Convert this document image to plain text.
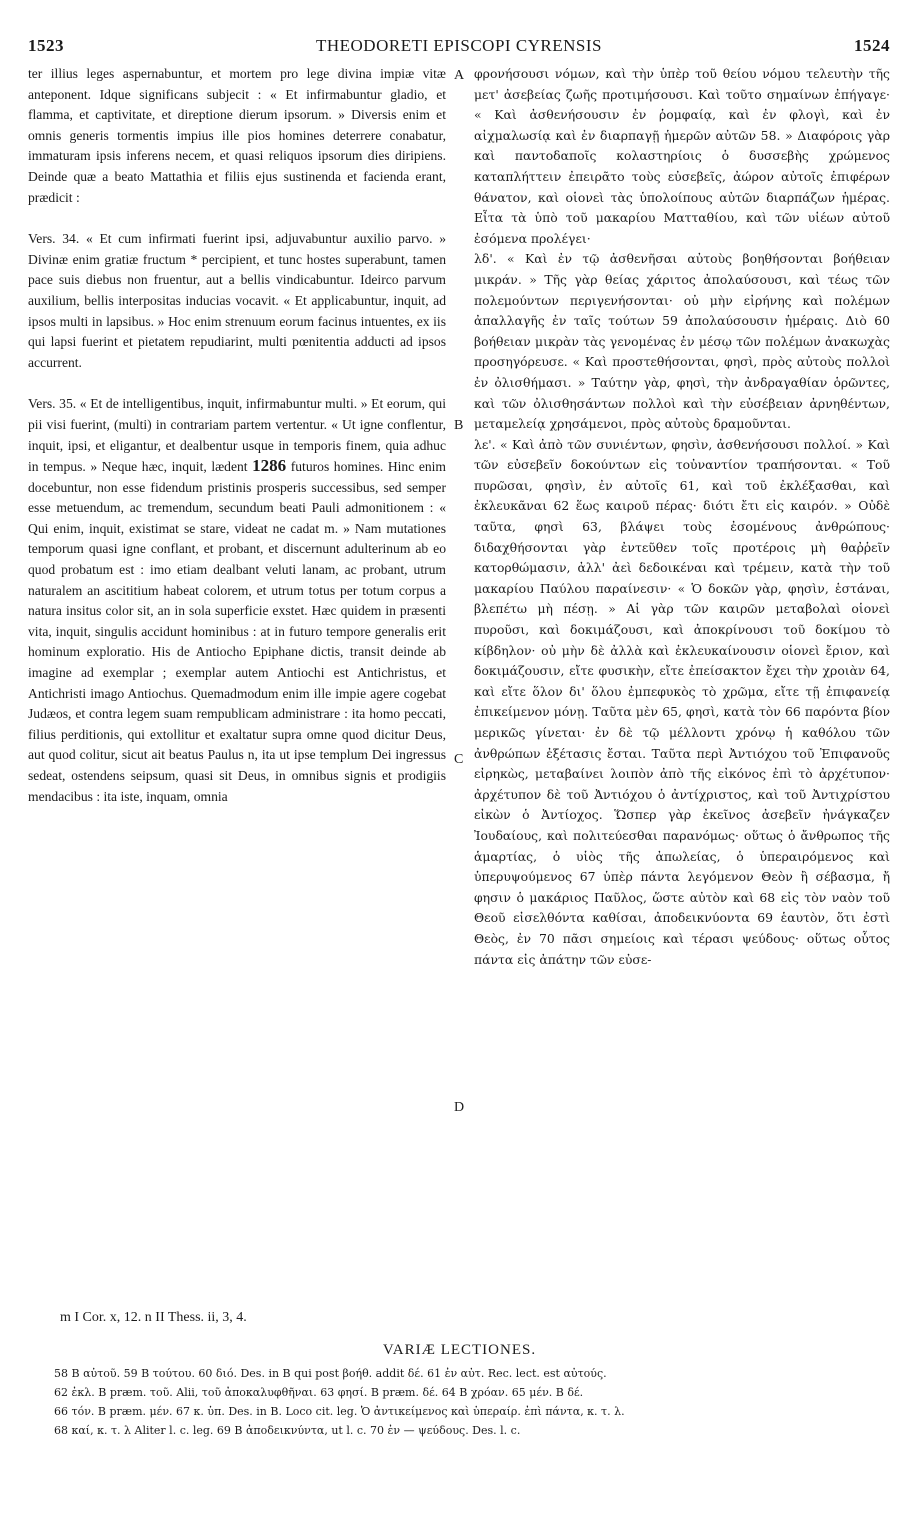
1523	THEODORETI EPISCOPI CYRENSIS	1524

ter illius leges aspernabuntur, et mortem pro lege divina impiæ vitæ anteponent. Idque significans subjecit : « Et infirmabuntur gladio, et flamma, et captivitate, et direptione dierum ipsorum. » Diversis enim et omnis generis tormentis impius ille pios homines deterrere conabatur, immaturam ipsis inferens necem, et quasi reliquos ipsorum dies diripiens. Deinde quæ a beato Mattathia et filiis ejus sustinenda et facienda erant, prædicit :

Vers. 34. « Et cum infirmati fuerint ipsi, adjuvabuntur auxilio parvo. » Divinæ enim gratiæ fructum * percipient, et tunc hostes superabunt, tamen pace suis diebus non fruentur, aut a bellis vindicabuntur. Ideirco parvum auxilium, bellis interpositas inducias vocavit. « Et applicabuntur, inquit, ad ipsos multi in lapsibus. » Hoc enim strenuum eorum facinus intuentes, ex iis qui lapsi fuerint et pietatem repudiarint, multi pœnitentia adducti ad ipsos accurrent.

Vers. 35. « Et de intelligentibus, inquit, infirmabuntur multi. » Et eorum, qui pii visi fuerint, (multi) in contrariam partem vertentur. « Ut igne conflentur, inquit, ipsi, et eligantur, et dealbentur usque in temporis finem, quia adhuc in tempus. » Neque hæc, inquit, lædent 1286 futuros homines. Hinc enim docebuntur, non esse fidendum pristinis prosperis successibus, sed semper esse metuendum, ac tremendum, secundum beati Pauli admonitionem : « Qui enim, inquit, existimat se stare, videat ne cadat m. » Nam mutationes temporum quasi igne conflant, et probant, et discernunt adulterinum ab eo quod probatum est : imo etiam dealbant veluti lanam, ac probant, utrum naturalem an ascititium habeat colorem, et utrum totus per totum corpus a natura insitus color sit, an in sola superficie exstet. Hæc quidem in præsenti vita, inquit, singulis accidunt hominibus : at in futuro tempore generalis erit hominum exploratio. His de Antiocho Epiphane dictis, transit deinde ab imagine ad exemplar ; exemplar autem Antiochi est Antichristus, et Antichristi imago Antiochus. Quemadmodum enim ille impie agere cogebat Judæos, et contra legem suam rempublicam administrare : ita homo peccati, filius perditionis, qui extollitur et exaltatur supra omne quod dicitur Deus, aut quod colitur, sicut ait beatus Paulus n, ita ut ipse templum Dei ingressus sedeat, ostendens seipsum, quasi sit Deus, in omnibus signis et prodigiis mendacibus : ita iste, inquam, omnia

A
B
C
D

φρονήσουσι νόμων, καὶ τὴν ὑπὲρ τοῦ θείου νόμου τελευτὴν τῆς μετ' ἀσεβείας ζωῆς προτιμήσουσι. Καὶ τοῦτο σημαίνων ἐπήγαγε· « Καὶ ἀσθενήσουσιν ἐν ῥομφαίᾳ, καὶ ἐν φλογὶ, καὶ ἐν αἰχμαλωσίᾳ καὶ ἐν διαρπαγῇ ἡμερῶν αὐτῶν 58. » Διαφόροις γὰρ καὶ παντοδαποῖς κολαστηρίοις ὁ δυσσεβὴς χρώμενος καταπλήττειν ἐπειρᾶτο τοὺς εὐσεβεῖς, ἀώρον αὐτοῖς ἐπιφέρων θάνατον, καὶ οἱονεὶ τὰς ὑπολοίπους αὐτῶν διαρπάζων ἡμέρας. Εἶτα τὰ ὑπὸ τοῦ μακαρίου Ματταθίου, καὶ τῶν υἱέων αὐτοῦ ἐσόμενα προλέγει·

λδ'. « Καὶ ἐν τῷ ἀσθενῆσαι αὐτοὺς βοηθήσονται βοήθειαν μικράν. » Τῆς γὰρ θείας χάριτος ἀπολαύσουσι, καὶ τέως τῶν πολεμούντων περιγενήσονται· οὐ μὴν εἰρήνης καὶ πολέμων ἀπαλλαγῆς ἐν ταῖς τούτων 59 ἀπολαύσουσιν ἡμέραις. Διὸ 60 βοήθειαν μικρὰν τὰς γενομένας ἐν μέσῳ τῶν πολέμων ἀνακωχὰς προσηγόρευσε. « Καὶ προστεθήσονται, φησὶ, πρὸς αὐτοὺς πολλοὶ ἐν ὀλισθήμασι. » Ταύτην γὰρ, φησὶ, τὴν ἀνδραγαθίαν ὁρῶντες, καὶ τῶν ὀλισθησάντων πολλοὶ καὶ τὴν εὐσέβειαν ἀρνηθέντων, μεταμελείᾳ χρησάμενοι, πρὸς αὐτοὺς δραμοῦνται.

λε'. « Καὶ ἀπὸ τῶν συνιέντων, φησὶν, ἀσθενήσουσι πολλοί. » Καὶ τῶν εὐσεβεῖν δοκούντων εἰς τοὐναντίον τραπήσονται. « Τοῦ πυρῶσαι, φησὶν, ἐν αὐτοῖς 61, καὶ τοῦ ἐκλέξασθαι, καὶ ἐκλευκᾶναι 62 ἕως καιροῦ πέρας· διότι ἔτι εἰς καιρόν. » Οὐδὲ ταῦτα, φησὶ 63, βλάψει τοὺς ἐσομένους ἀνθρώπους· διδαχθήσονται γὰρ ἐντεῦθεν τοῖς προτέροις μὴ θαῤῥεῖν κατορθώμασιν, ἀλλ' ἀεὶ δεδοικέναι καὶ τρέμειν, κατὰ τὴν τοῦ μακαρίου Παύλου παραίνεσιν· « Ὁ δοκῶν γὰρ, φησὶν, ἑστάναι, βλεπέτω μὴ πέσῃ. » Αἱ γὰρ τῶν καιρῶν μεταβολαὶ οἱονεὶ πυροῦσι, καὶ δοκιμάζουσι, καὶ ἀποκρίνουσι τοῦ δοκίμου τὸ κίβδηλον· οὐ μὴν δὲ ἀλλὰ καὶ ἐκλευκαίνουσιν οἱονεὶ ἔριον, καὶ δοκιμάζουσιν, εἴτε φυσικὴν, εἴτε ἐπείσακτον ἔχει τὴν χροιὰν 64, καὶ εἴτε ὅλον δι' ὅλου ἐμπεφυκὸς τὸ χρῶμα, εἴτε τῇ ἐπιφανείᾳ ἐπικείμενον μόνῃ. Ταῦτα μὲν 65, φησὶ, κατὰ τὸν 66 παρόντα βίον μερικῶς γίνεται· ἐν δὲ τῷ μέλλοντι χρόνῳ ἡ καθόλου τῶν ἀνθρώπων ἐξέτασις ἔσται. Ταῦτα περὶ Ἀντιόχου τοῦ Ἐπιφανοῦς εἰρηκὼς, μεταβαίνει λοιπὸν ἀπὸ τῆς εἰκόνος ἐπὶ τὸ ἀρχέτυπον· ἀρχέτυπον δὲ τοῦ Ἀντιόχου ὁ ἀντίχριστος, καὶ τοῦ Ἀντιχρίστου εἰκὼν ὁ Ἀντίοχος. Ὥσπερ γὰρ ἐκεῖνος ἀσεβεῖν ἠνάγκαζεν Ἰουδαίους, καὶ πολιτεύεσθαι παρανόμως· οὕτως ὁ ἄνθρωπος τῆς ἁμαρτίας, ὁ υἱὸς τῆς ἀπωλείας, ὁ ὑπεραιρόμενος καὶ ὑπερυψούμενος 67 ὑπὲρ πάντα λεγόμενον Θεὸν ἢ σέβασμα, ἤ φησιν ὁ μακάριος Παῦλος, ὥστε αὐτὸν καὶ 68 εἰς τὸν ναὸν τοῦ Θεοῦ εἰσελθόντα καθίσαι, ἀποδεικνύοντα 69 ἑαυτὸν, ὅτι ἐστὶ Θεὸς, ἐν 70 πᾶσι σημείοις καὶ τέρασι ψεύδους· οὕτως οὗτος πάντα εἰς ἀπάτην τῶν εὐσε-

m I Cor. x, 12. n II Thess. ii, 3, 4.
VARIÆ LECTIONES.
58 B αὐτοῦ. 59 B τούτου. 60 διό. Des. in B qui post βοήθ. addit δέ. 61 ἐν αὐτ. Rec. lect. est αὐτούς.
62 ἐκλ. B præm. τοῦ. Alii, τοῦ ἀποκαλυφθῆναι. 63 φησί. B præm. δέ. 64 B χρόαν. 65 μέν. B δέ.
66 τόν. B præm. μέν. 67 κ. ὑπ. Des. in B. Loco cit. leg. Ὁ ἀντικείμενος καὶ ὑπεραίρ. ἐπὶ πάντα, κ. τ. λ.
68 καί, κ. τ. λ Aliter l. c. leg. 69 B ἀποδεικνύντα, ut l. c. 70 ἐν — ψεύδους. Des. l. c.
